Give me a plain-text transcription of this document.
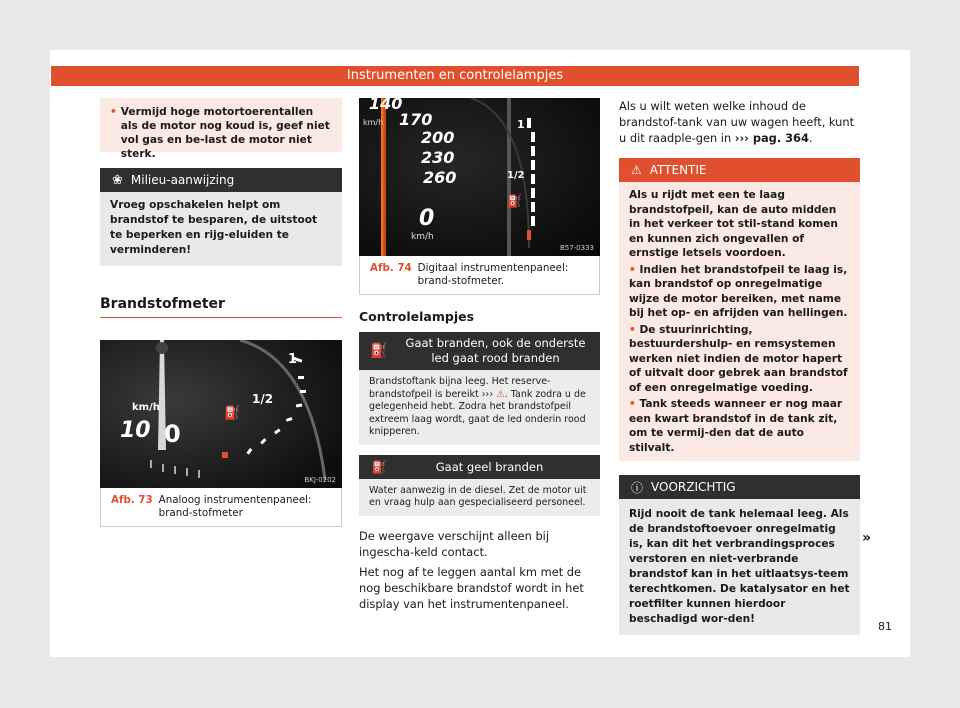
Instrumenten en controlelampjes
• Vermijd hoge motortoerentallen als de motor nog koud is, geef niet vol gas en be-last de motor niet sterk.
❀ Milieu-aanwijzing
Vroeg opschakelen helpt om brandstof te besparen, de uitstoot te beperken en rijg-eluiden te verminderen!
Brandstofmeter
1
1/2
⛽
km/h
10 0
BKJ-0202
Afb. 73 Analoog instrumentenpaneel: brand-stofmeter
km/h
140
170
200
230
260
0
km/h
1
1/2
⛽
B57-0333
Afb. 74 Digitaal instrumentenpaneel: brand-stofmeter.
Controlelampjes
⛽	Gaat branden, ook de onderste led gaat rood branden
Brandstoftank bijna leeg. Het reserve-brandstofpeil is bereikt ››› ⚠. Tank zodra u de gelegenheid hebt. Zodra het brandstofpeil extreem laag wordt, gaat de led onderin rood knipperen.
⛽	Gaat geel branden
Water aanwezig in de diesel. Zet de motor uit en vraag hulp aan gespecialiseerd personeel.

De weergave verschijnt alleen bij ingescha-keld contact.

Het nog af te leggen aantal km met de nog beschikbare brandstof wordt in het display van het instrumentenpaneel.

Als u wilt weten welke inhoud de brandstof-tank van uw wagen heeft, kunt u dit raadple-gen in ››› pag. 364.

⚠ ATTENTIE
Als u rijdt met een te laag brandstofpeil, kan de auto midden in het verkeer tot stil-stand komen en kunnen zich ongevallen of ernstige letsels voordoen.
• Indien het brandstofpeil te laag is, kan brandstof op onregelmatige wijze de motor bereiken, met name bij het op- en afrijden van hellingen.
• De stuurinrichting, bestuurdershulp- en remsystemen werken niet indien de motor hapert of uitvalt door gebrek aan brandstof of een onregelmatige voeding.
• Tank steeds wanneer er nog maar een kwart brandstof in de tank zit, om te vermij-den dat de auto stilvalt.
ⓘ VOORZICHTIG
Rijd nooit de tank helemaal leeg. Als de brandstoftoevoer onregelmatig is, kan dit het verbrandingsproces verstoren en niet-verbrande brandstof kan in het uitlaatsys-teem terechtkomen. De katalysator en het roetfilter kunnen hierdoor beschadigd wor-den!
»
81
